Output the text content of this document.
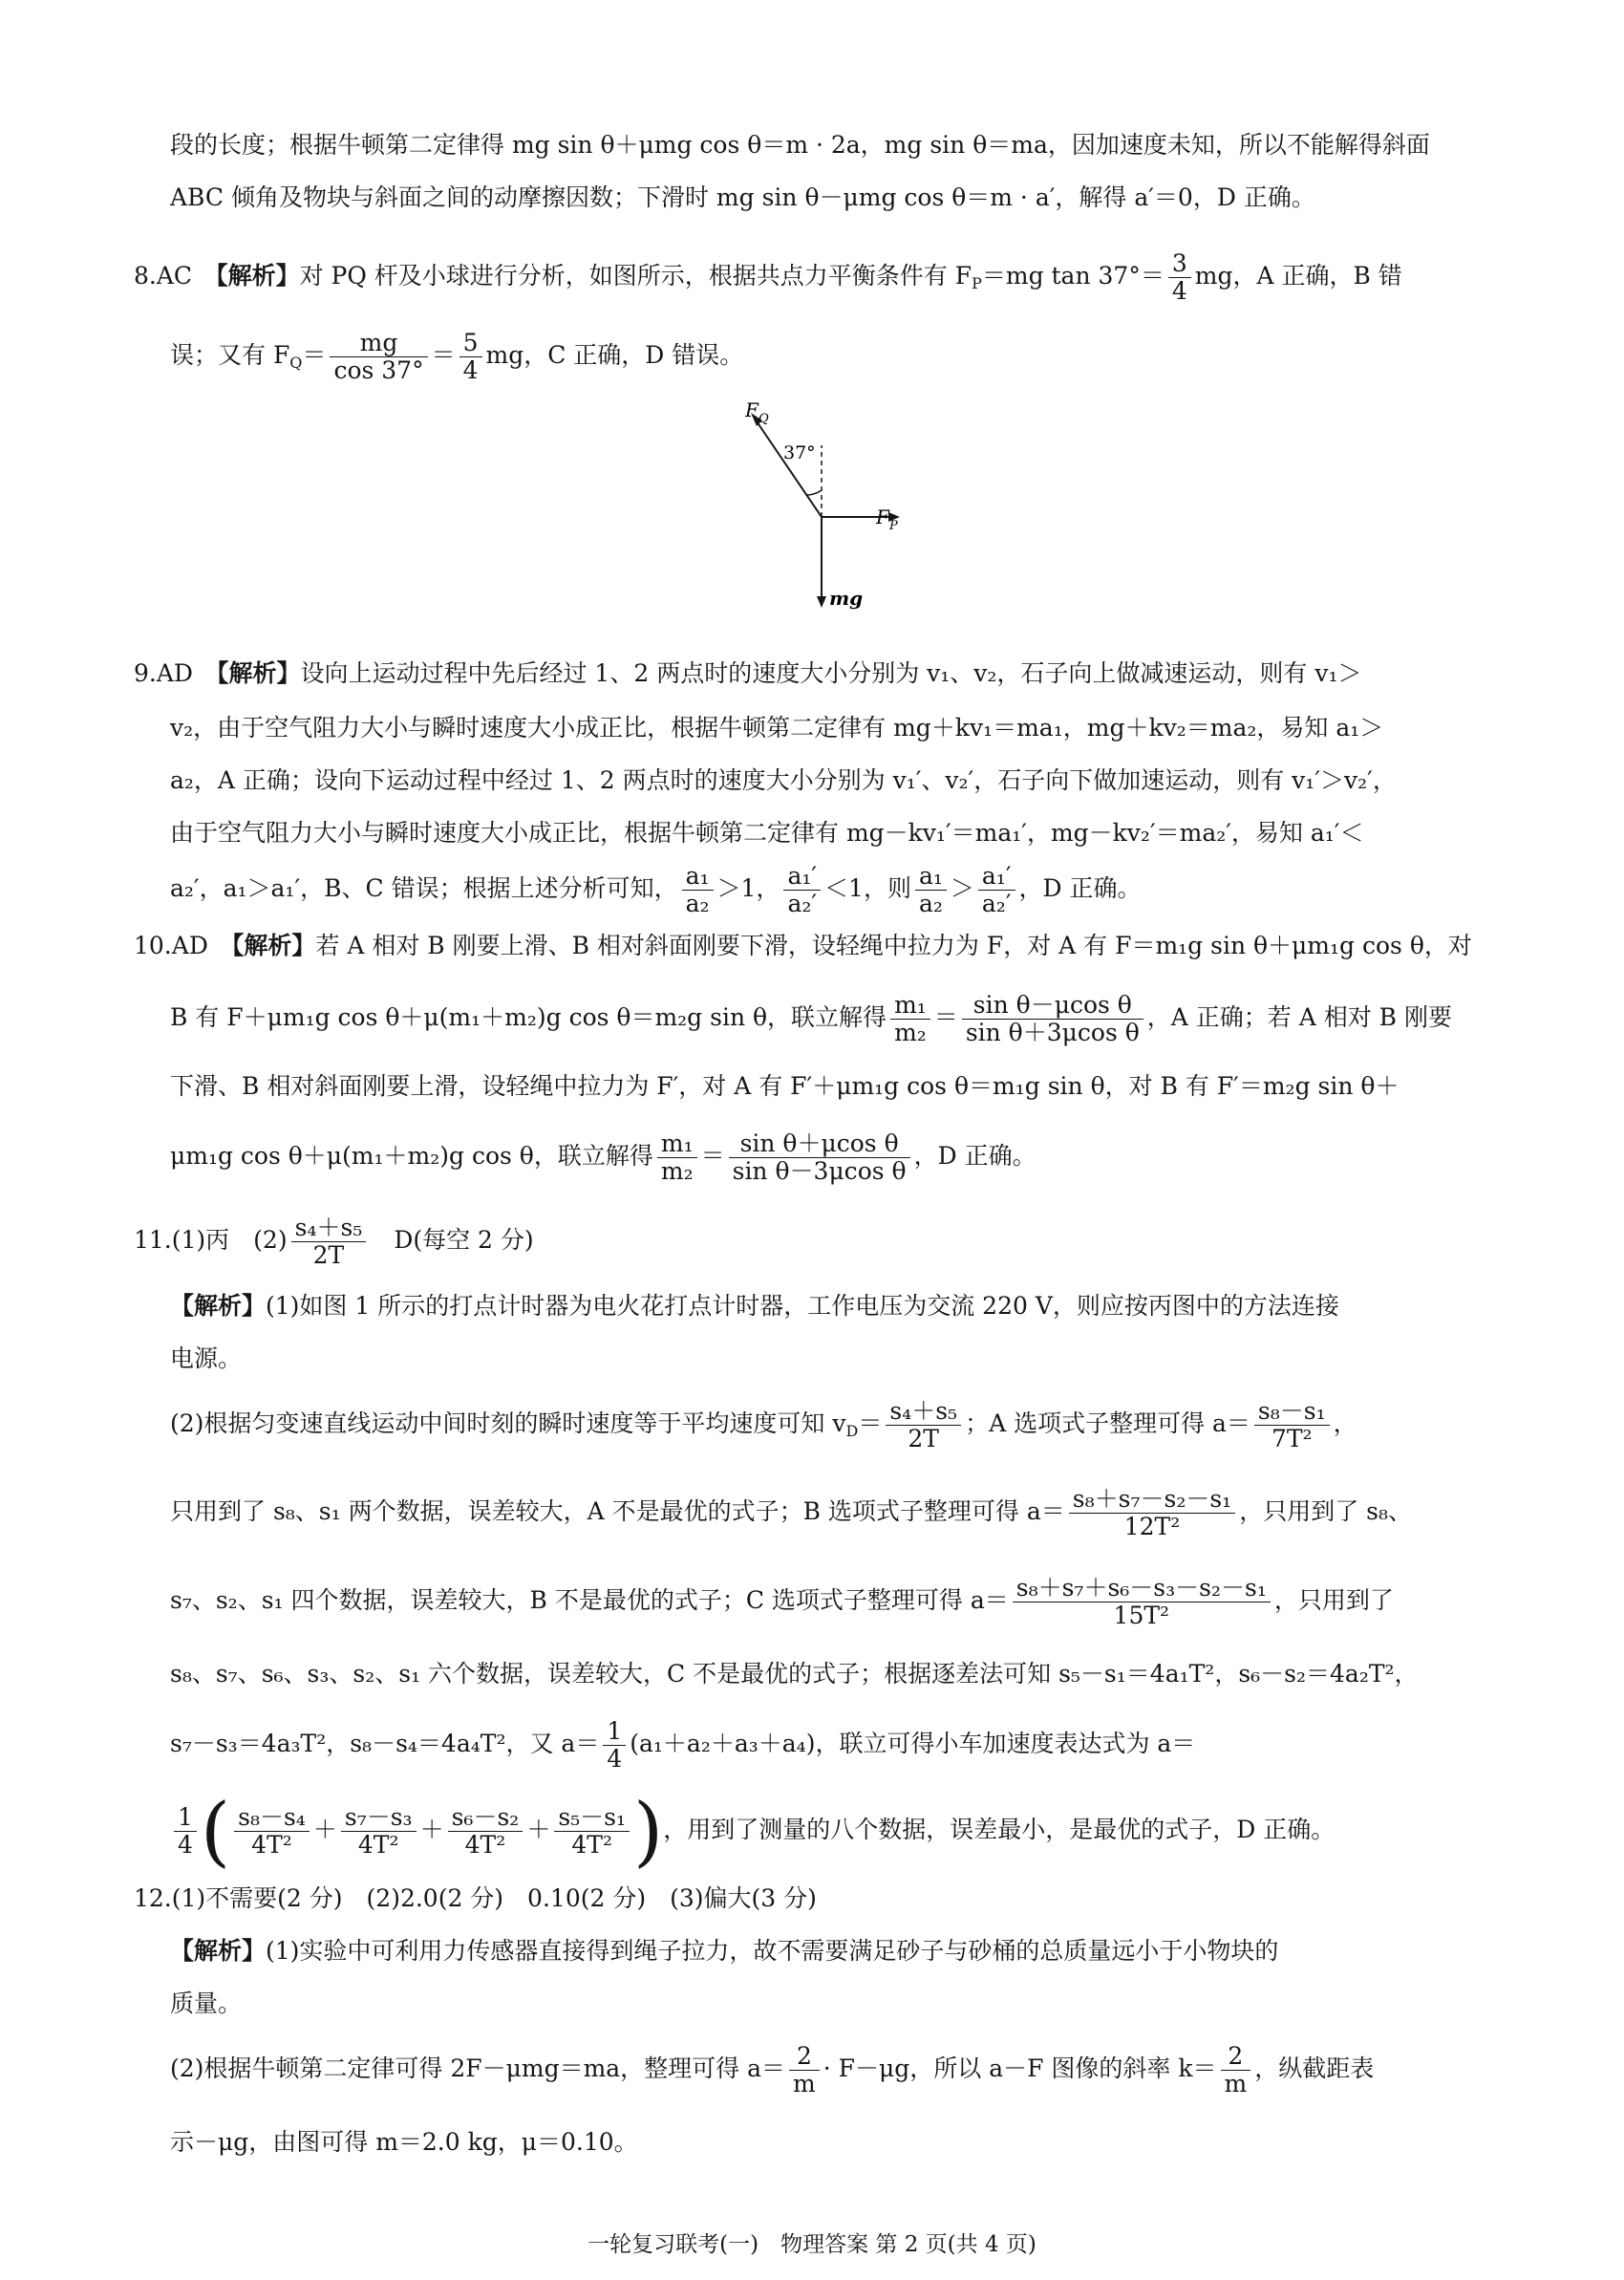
段的长度；根据牛顿第二定律得 mg sin θ＋μmg cos θ＝m · 2a，mg sin θ＝ma，因加速度未知，所以不能解得斜面
ABC 倾角及物块与斜面之间的动摩擦因数；下滑时 mg sin θ－μmg cos θ＝m · a′，解得 a′＝0，D 正确。
8.AC　 【解析】对 PQ 杆及小球进行分析，如图所示，根据共点力平衡条件有 $F_P=mg$ $\tan 37^\circ= \frac{3}{4}$ mg，A 正确，B 错
误；又有 $F_Q= \frac{mg}{\cos 37^\circ} = \frac{5}{4}$ mg，C 正确，D 错误。
F Q
37°
F P
mg
9.AD　 【解析】设向上运动过程中先后经过 1、2 两点时的速度大小分别为 v₁、v₂，石子向上做减速运动，则有 v₁＞
v₂，由于空气阻力大小与瞬时速度大小成正比，根据牛顿第二定律有 mg＋kv₁＝ma₁，mg＋kv₂＝ma₂，易知 a₁＞
a₂，A 正确；设向下运动过程中经过 1、2 两点时的速度大小分别为 v₁′、v₂′，石子向下做加速运动，则有 v₁′＞v₂′，
由于空气阻力大小与瞬时速度大小成正比，根据牛顿第二定律有 mg－kv₁′＝ma₁′，mg－kv₂′＝ma₂′，易知 a₁′＜
a₂′，a₁＞a₁′，B、C 错误；根据上述分析可知， $\frac{\text{a₁}}{\text{a₂}} >1$， $\frac{\text{a₁′}}{\text{a₂′}} <1$，则 $\frac{\text{a₁}}{\text{a₂}} > \frac{\text{a₁′}}{\text{a₂′}}$ ，D 正确。
10.AD　 【解析】若 A 相对 B 刚要上滑、B 相对斜面刚要下滑，设轻绳中拉力为 F，对 A 有 F＝m₁g sin θ＋μm₁g cos θ，对
B 有 F＋μm₁g cos θ＋μ(m₁＋m₂)g cos θ＝m₂g sin θ，联立解得 $\frac{\text{m₁}}{\text{m₂}} = \frac{\text{sin θ－μcos θ}}{\text{sin θ＋3μcos θ}}$ ，A 正确；若 A 相对 B 刚要
下滑、B 相对斜面刚要上滑，设轻绳中拉力为 F′，对 A 有 F′＋μm₁g cos θ＝m₁g sin θ，对 B 有 F′＝m₂g sin θ＋
μm₁g cos θ＋μ(m₁＋m₂)g cos θ，联立解得 $\frac{\text{m₁}}{\text{m₂}} = \frac{\text{sin θ＋μcos θ}}{\text{sin θ－3μcos θ}}$ ，D 正确。
11.(1)丙　$(2) \frac{\text{s₄＋s₅}}{2T}$ 　D(每空 2 分)
【解析】(1)如图 1 所示的打点计时器为电火花打点计时器，工作电压为交流 220 V，则应按丙图中的方法连接
电源。
(2)根据匀变速直线运动中间时刻的瞬时速度等于平均速度可知 $v_D= \frac{\text{s₄＋s₅}}{2T}$ ；A 选项式子整理可得 $a= \frac{\text{s₈－s₁}}{\text{7T²}}$ ，
只用到了 s₈、s₁ 两个数据，误差较大，A 不是最优的式子；B 选项式子整理可得 $a= \frac{\text{s₈＋s₇－s₂－s₁}}{\text{12T²}}$ ，只用到了 s₈、
s₇、s₂、s₁ 四个数据，误差较大，B 不是最优的式子；C 选项式子整理可得 $a= \frac{\text{s₈＋s₇＋s₆－s₃－s₂－s₁}}{\text{15T²}}$ ，只用到了
s₈、s₇、s₆、s₃、s₂、s₁ 六个数据，误差较大，C 不是最优的式子；根据逐差法可知 s₅－s₁＝4a₁T²，s₆－s₂＝4a₂T²，
s₇－s₃＝4a₃T²，s₈－s₄＝4a₄T²，又 $a= \frac{1}{4} (a_1+a_2+a_3+a_4)$，联立可得小车加速度表达式为 a＝
$\frac{1}{4}$ ( $\frac{\text{s₈－s₄}}{\text{4T²}} + \frac{\text{s₇－s₃}}{\text{4T²}} + \frac{\text{s₆－s₂}}{\text{4T²}} + \frac{\text{s₅－s₁}}{\text{4T²}}$ )，用到了测量的八个数据，误差最小，是最优的式子，D 正确。
12.(1)不需要(2 分)　(2)2.0(2 分)　0.10(2 分)　(3)偏大(3 分)
【解析】(1)实验中可利用力传感器直接得到绳子拉力，故不需要满足砂子与砂桶的总质量远小于小物块的
质量。
(2)根据牛顿第二定律可得 2F－μmg＝ma，整理可得 $a= \frac{2}{m} \cdot F-\mu g$，所以 a－F 图像的斜率 $k= \frac{2}{m}$ ，纵截距表
示－μg，由图可得 m＝2.0 kg，μ＝0.10。
一轮复习联考(一)　物理答案 第 2 页(共 4 页)
